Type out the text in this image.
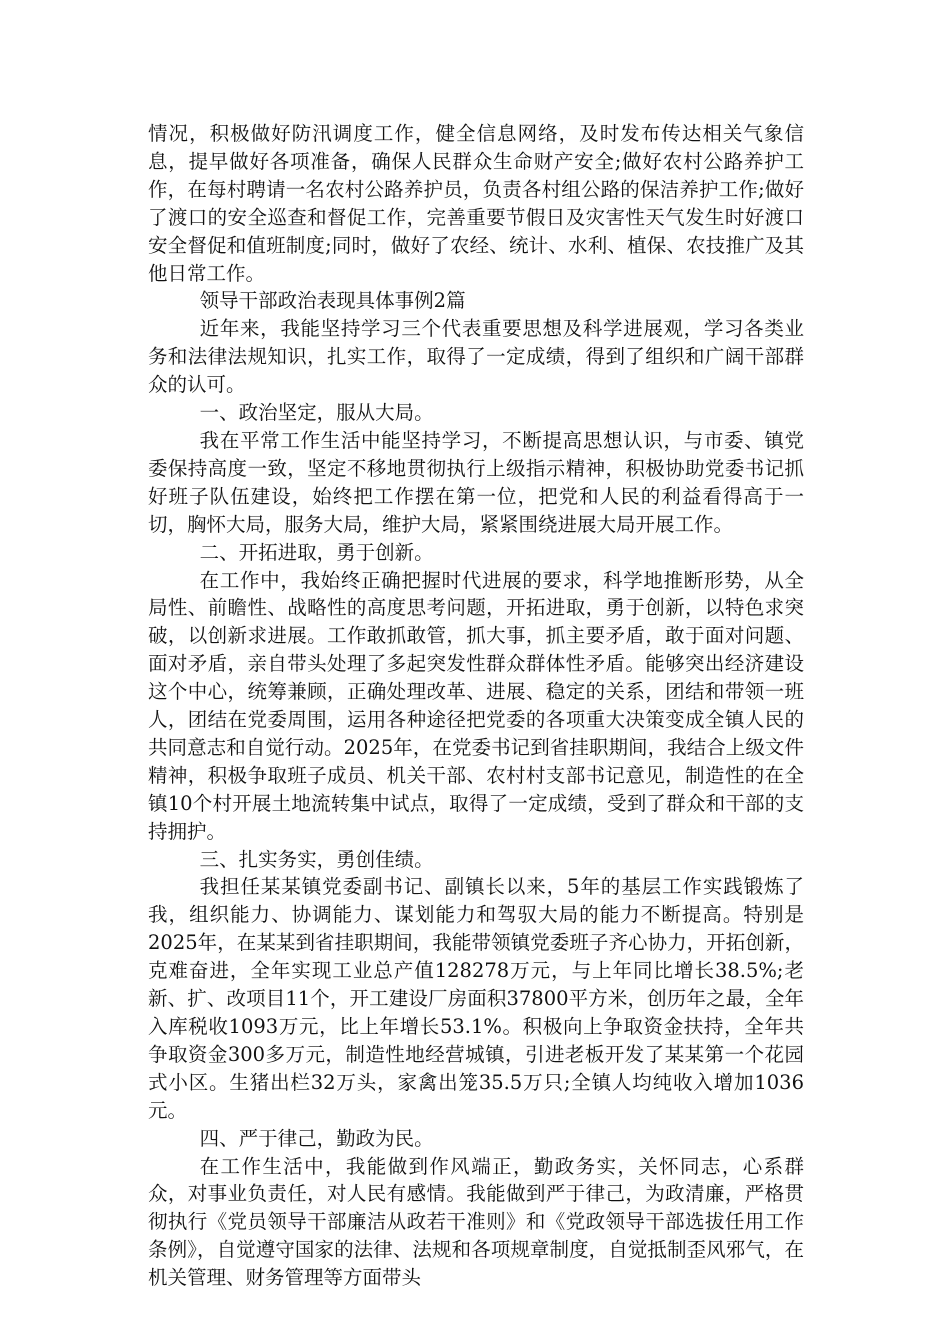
情况，积极做好防汛调度工作，健全信息网络，及时发布传达相关气象信息，提早做好各项准备，确保人民群众生命财产安全;做好农村公路养护工作，在每村聘请一名农村公路养护员，负责各村组公路的保洁养护工作;做好了渡口的安全巡查和督促工作，完善重要节假日及灾害性天气发生时好渡口安全督促和值班制度;同时，做好了农经、统计、水利、植保、农技推广及其他日常工作。

领导干部政治表现具体事例2篇

近年来，我能坚持学习三个代表重要思想及科学进展观，学习各类业务和法律法规知识，扎实工作，取得了一定成绩，得到了组织和广阔干部群众的认可。

一、政治坚定，服从大局。

我在平常工作生活中能坚持学习，不断提高思想认识，与市委、镇党委保持高度一致，坚定不移地贯彻执行上级指示精神，积极协助党委书记抓好班子队伍建设，始终把工作摆在第一位，把党和人民的利益看得高于一切，胸怀大局，服务大局，维护大局，紧紧围绕进展大局开展工作。

二、开拓进取，勇于创新。

在工作中，我始终正确把握时代进展的要求，科学地推断形势，从全局性、前瞻性、战略性的高度思考问题，开拓进取，勇于创新，以特色求突破，以创新求进展。工作敢抓敢管，抓大事，抓主要矛盾，敢于面对问题、面对矛盾，亲自带头处理了多起突发性群众群体性矛盾。能够突出经济建设这个中心，统筹兼顾，正确处理改革、进展、稳定的关系，团结和带领一班人，团结在党委周围，运用各种途径把党委的各项重大决策变成全镇人民的共同意志和自觉行动。2025年，在党委书记到省挂职期间，我结合上级文件精神，积极争取班子成员、机关干部、农村村支部书记意见，制造性的在全镇10个村开展土地流转集中试点，取得了一定成绩，受到了群众和干部的支持拥护。

三、扎实务实，勇创佳绩。

我担任某某镇党委副书记、副镇长以来，5年的基层工作实践锻炼了我，组织能力、协调能力、谋划能力和驾驭大局的能力不断提高。特别是2025年，在某某到省挂职期间，我能带领镇党委班子齐心协力，开拓创新，克难奋进，全年实现工业总产值128278万元，与上年同比增长38.5%;老新、扩、改项目11个，开工建设厂房面积37800平方米，创历年之最，全年入库税收1093万元，比上年增长53.1%。积极向上争取资金扶持，全年共争取资金300多万元，制造性地经营城镇，引进老板开发了某某第一个花园式小区。生猪出栏32万头，家禽出笼35.5万只;全镇人均纯收入增加1036元。

四、严于律己，勤政为民。

在工作生活中，我能做到作风端正，勤政务实，关怀同志，心系群众，对事业负责任，对人民有感情。我能做到严于律己，为政清廉，严格贯彻执行《党员领导干部廉洁从政若干准则》和《党政领导干部选拔任用工作条例》，自觉遵守国家的法律、法规和各项规章制度，自觉抵制歪风邪气，在机关管理、财务管理等方面带头
